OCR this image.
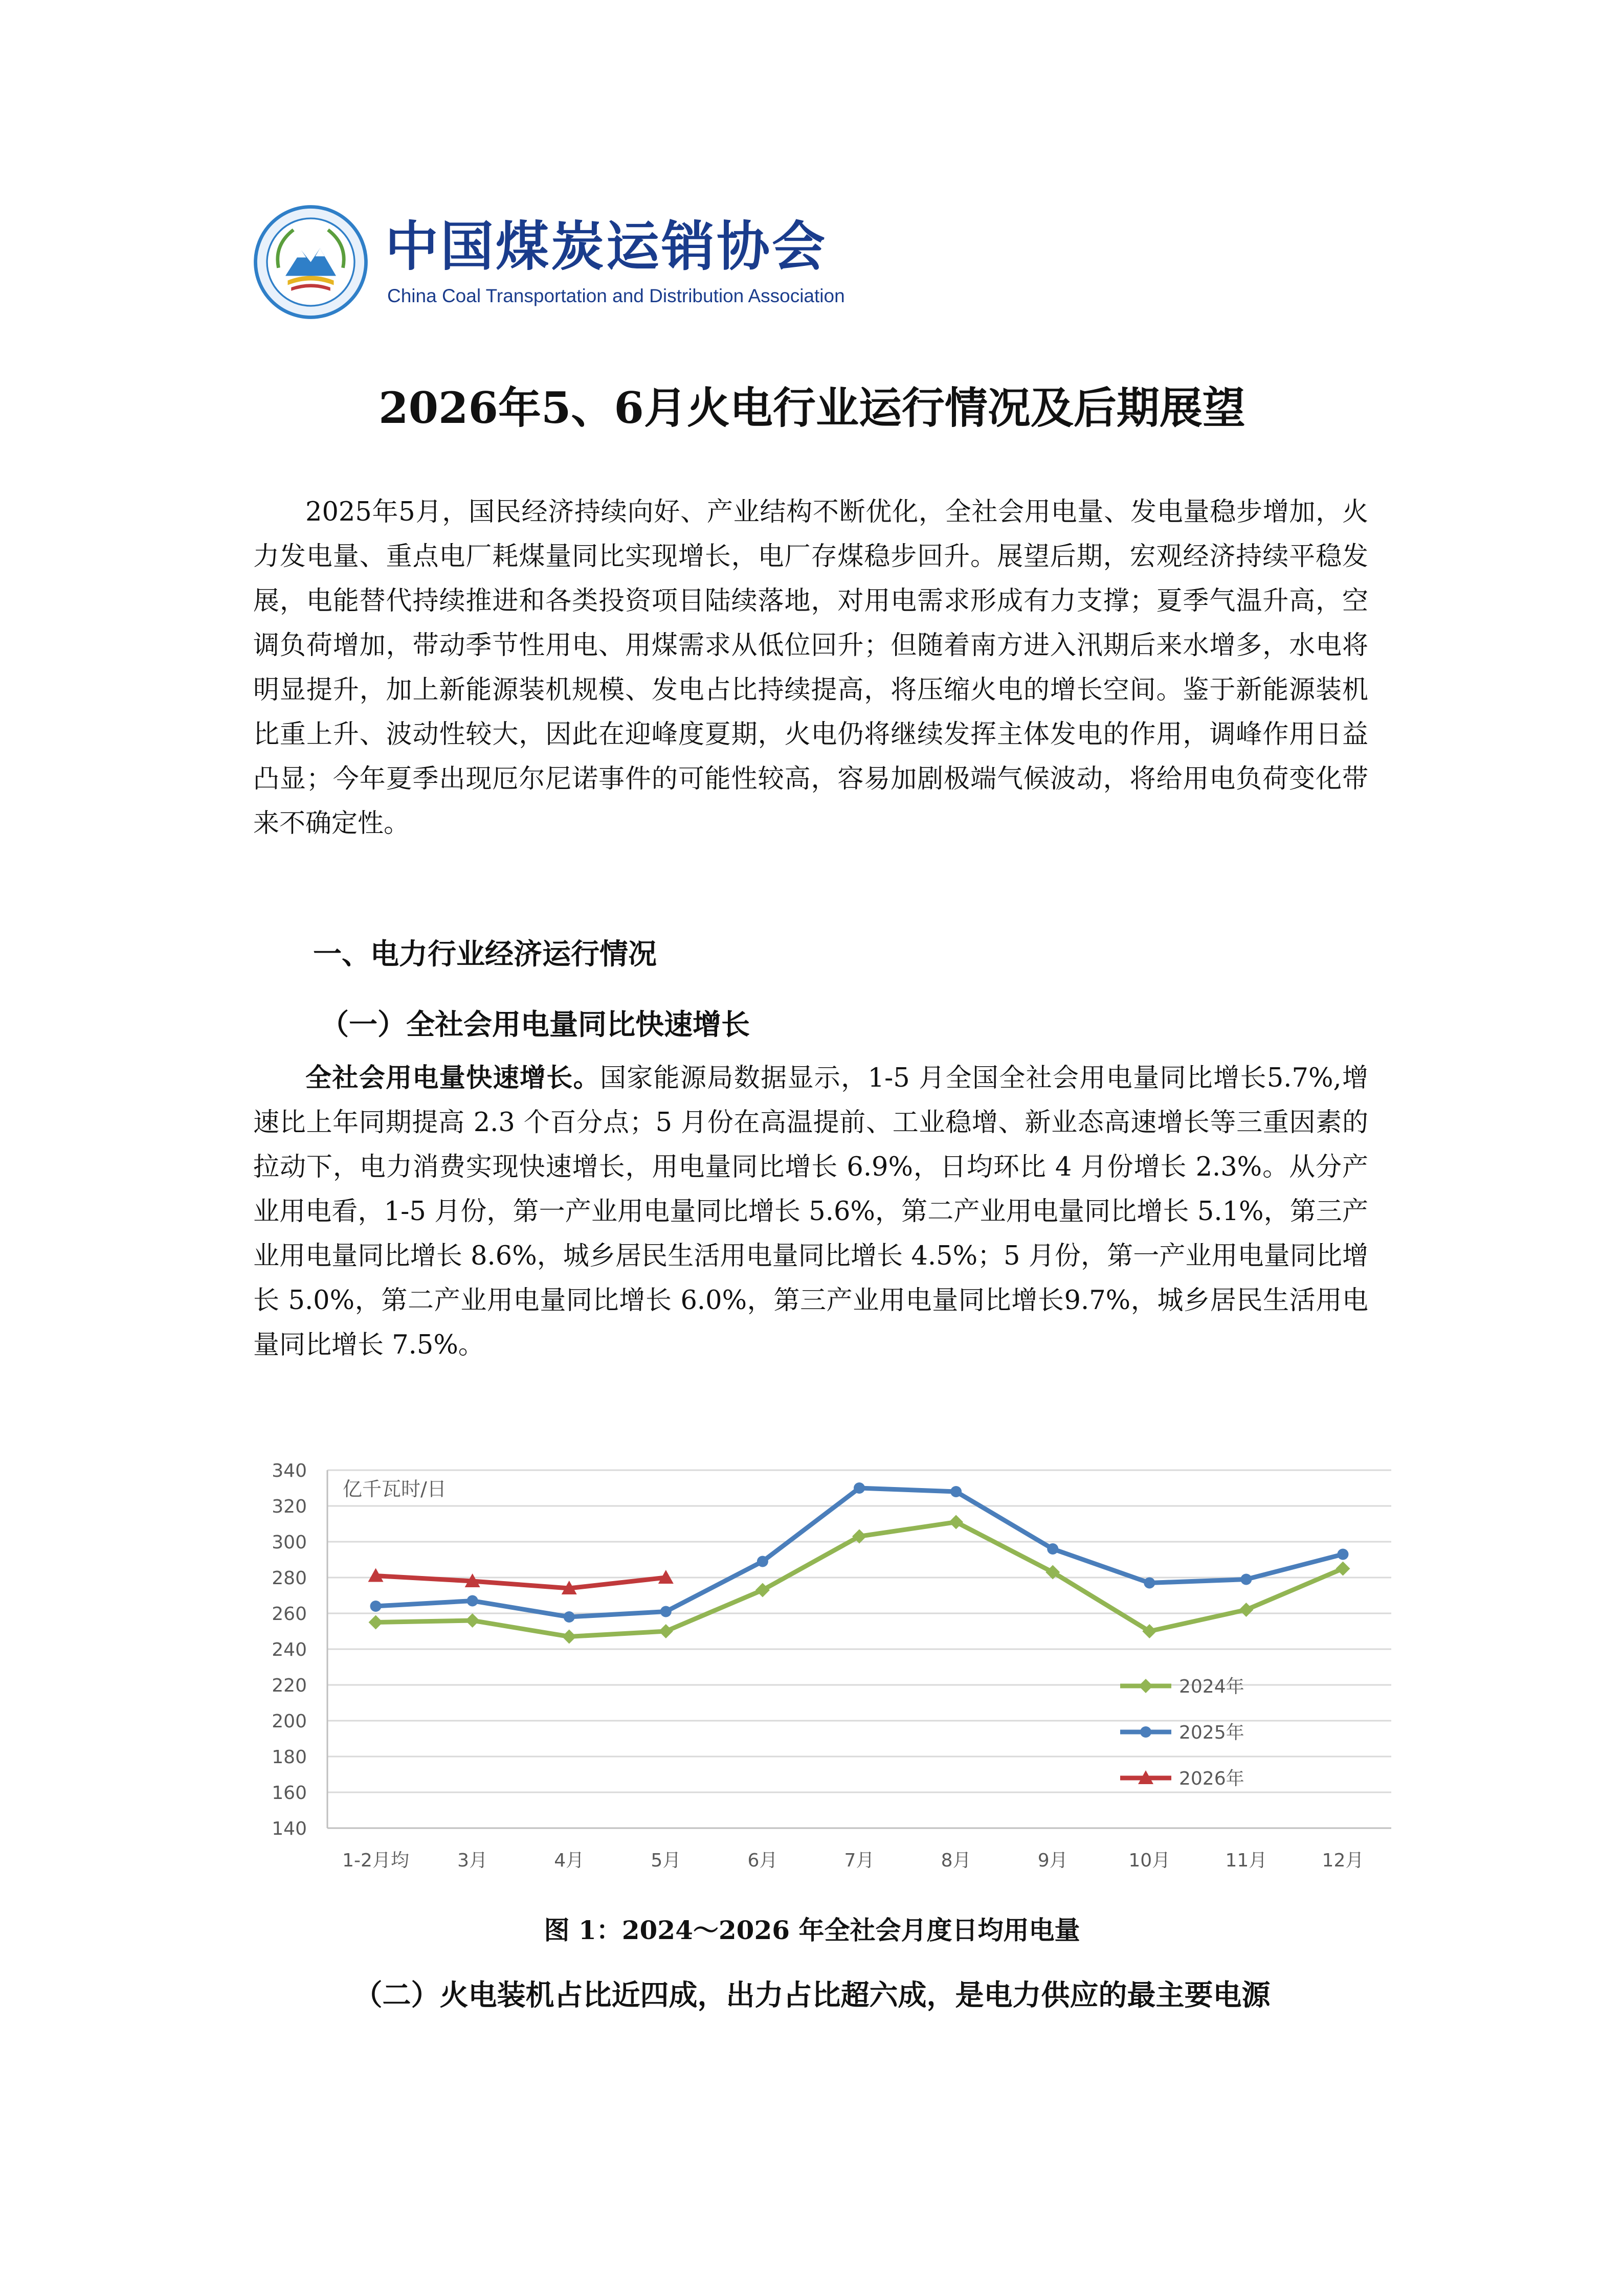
中国煤炭运销协会
China Coal Transportation and Distribution Association
2026年5、6月火电行业运行情况及后期展望

2025年5月，国民经济持续向好、产业结构不断优化，全社会用电量、发电量稳步增加，火力发电量、重点电厂耗煤量同比实现增长，电厂存煤稳步回升。展望后期，宏观经济持续平稳发展，电能替代持续推进和各类投资项目陆续落地，对用电需求形成有力支撑；夏季气温升高，空调负荷增加，带动季节性用电、用煤需求从低位回升；但随着南方进入汛期后来水增多，水电将明显提升，加上新能源装机规模、发电占比持续提高，将压缩火电的增长空间。鉴于新能源装机比重上升、波动性较大，因此在迎峰度夏期，火电仍将继续发挥主体发电的作用，调峰作用日益凸显；今年夏季出现厄尔尼诺事件的可能性较高，容易加剧极端气候波动，将给用电负荷变化带来不确定性。

一、电力行业经济运行情况
（一）全社会用电量同比快速增长

全社会用电量快速增长。国家能源局数据显示，1-5 月全国全社会用电量同比增长5.7%,增速比上年同期提高 2.3 个百分点；5 月份在高温提前、工业稳增、新业态高速增长等三重因素的拉动下，电力消费实现快速增长，用电量同比增长 6.9%，日均环比 4 月份增长 2.3%。从分产业用电看，1-5 月份，第一产业用电量同比增长 5.6%，第二产业用电量同比增长 5.1%，第三产业用电量同比增长 8.6%，城乡居民生活用电量同比增长 4.5%；5 月份，第一产业用电量同比增长 5.0%，第二产业用电量同比增长 6.0%，第三产业用电量同比增长9.7%，城乡居民生活用电量同比增长 7.5%。

140
160
180
200
220
240
260
280
300
320
340
亿千瓦时/日
1-2月均	3月	4月	5月	6月	7月	8月	9月	10月	11月	12月
2024年
2025年
2026年
图 1：2024～2026 年全社会月度日均用电量
（二）火电装机占比近四成，出力占比超六成，是电力供应的最主要电源
